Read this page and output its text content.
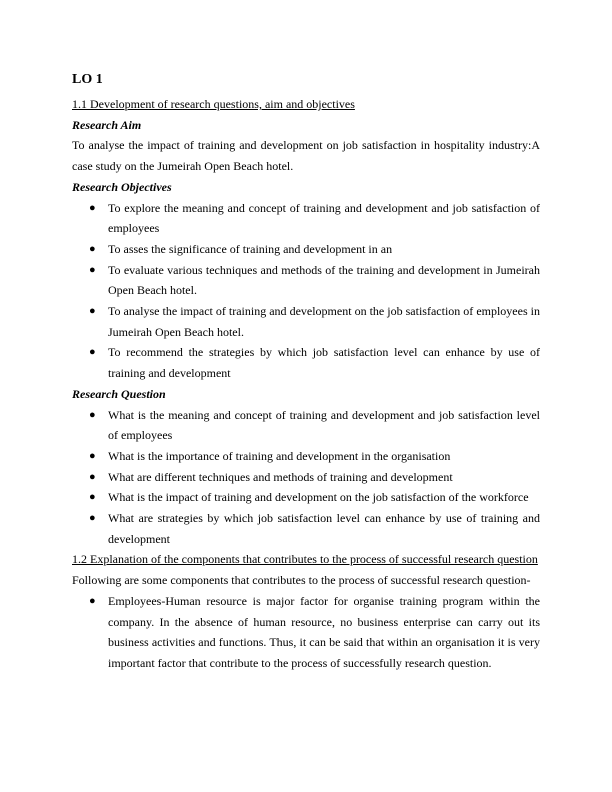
LO 1

1.1 Development of research questions, aim and objectives

Research Aim

To analyse the impact of training and development on job satisfaction in hospitality industry:A case study on the Jumeirah Open Beach hotel.

Research Objectives

● To explore the meaning and concept of training and development and job satisfaction of employees
● To asses the significance of training and development in an
● To evaluate various techniques and methods of the training and development in Jumeirah Open Beach hotel.
● To analyse the impact of training and development on the job satisfaction of employees in Jumeirah Open Beach hotel.
● To recommend the strategies by which job satisfaction level can enhance by use of training and development

Research Question

● What is the meaning and concept of training and development and job satisfaction level of employees
● What is the importance of training and development in the organisation
● What are different techniques and methods of training and development
● What is the impact of training and development on the job satisfaction of the workforce
● What are strategies by which job satisfaction level can enhance by use of training and development

1.2 Explanation of the components that contributes to the process of successful research question

Following are some components that contributes to the process of successful research question-

● Employees-Human resource is major factor for organise training program within the company. In the absence of human resource, no business enterprise can carry out its business activities and functions. Thus, it can be said that within an organisation it is very important factor that contribute to the process of successfully research question.
